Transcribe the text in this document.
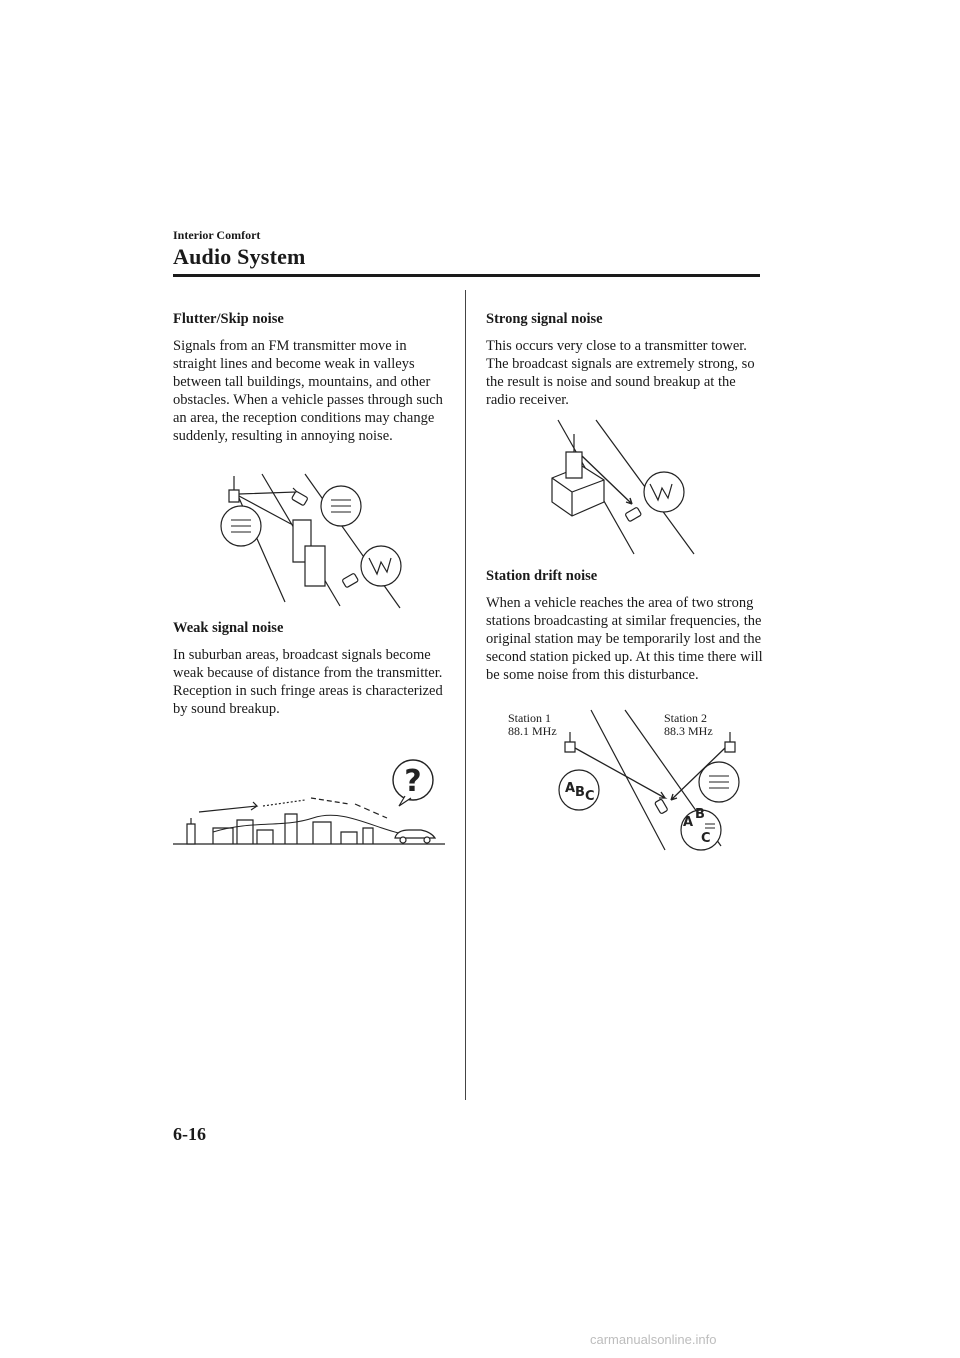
Interior Comfort
Audio System
Flutter/Skip noise
Signals from an FM transmitter move in straight lines and become weak in valleys between tall buildings, mountains, and other obstacles. When a vehicle passes through such an area, the reception conditions may change suddenly, resulting in annoying noise.
Weak signal noise
In suburban areas, broadcast signals become weak because of distance from the transmitter. Reception in such fringe areas is characterized by sound breakup.
?
Strong signal noise
This occurs very close to a transmitter tower. The broadcast signals are extremely strong, so the result is noise and sound breakup at the radio receiver.
Station drift noise
When a vehicle reaches the area of two strong stations broadcasting at similar frequencies, the original station may be temporarily lost and the second station picked up. At this time there will be some noise from this disturbance.
Station 1
88.1 MHz
Station 2
88.3 MHz
A B C
A
B
C
6-16
carmanualsonline.info
